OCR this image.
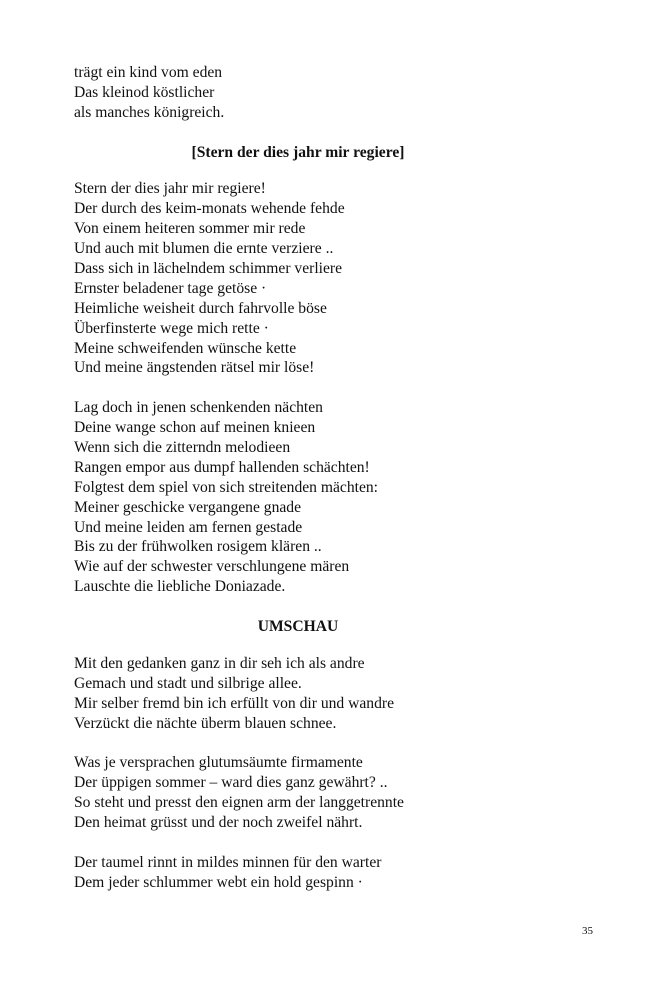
trägt ein kind vom eden
Das kleinod köstlicher
als manches königreich.
[Stern der dies jahr mir regiere]
Stern der dies jahr mir regiere!
Der durch des keim-monats wehende fehde
Von einem heiteren sommer mir rede
Und auch mit blumen die ernte verziere ..
Dass sich in lächelndem schimmer verliere
Ernster beladener tage getöse ·
Heimliche weisheit durch fahrvolle böse
Überfinsterte wege mich rette ·
Meine schweifenden wünsche kette
Und meine ängstenden rätsel mir löse!
Lag doch in jenen schenkenden nächten
Deine wange schon auf meinen knieen
Wenn sich die zitterndn melodieen
Rangen empor aus dumpf hallenden schächten!
Folgtest dem spiel von sich streitenden mächten:
Meiner geschicke vergangene gnade
Und meine leiden am fernen gestade
Bis zu der frühwolken rosigem klären ..
Wie auf der schwester verschlungene mären
Lauschte die liebliche Doniazade.
UMSCHAU
Mit den gedanken ganz in dir seh ich als andre
Gemach und stadt und silbrige allee.
Mir selber fremd bin ich erfüllt von dir und wandre
Verzückt die nächte überm blauen schnee.
Was je versprachen glutumsäumte firmamente
Der üppigen sommer – ward dies ganz gewährt? ..
So steht und presst den eignen arm der langgetrennte
Den heimat grüsst und der noch zweifel nährt.
Der taumel rinnt in mildes minnen für den warter
Dem jeder schlummer webt ein hold gespinn ·
35
